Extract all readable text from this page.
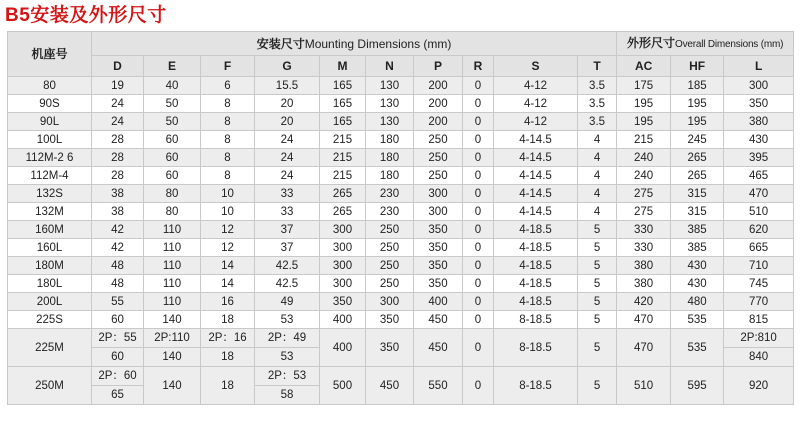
B5安装及外形尺寸
机座号	安装尺寸Mounting Dimensions (mm)										外形尺寸Overall Dimensions (mm)		
	D	E	F	G	M	N	P	R	S	T	AC	HF	L
80	19	40	6	15.5	165	130	200	0	4-12	3.5	175	185	300
90S	24	50	8	20	165	130	200	0	4-12	3.5	195	195	350
90L	24	50	8	20	165	130	200	0	4-12	3.5	195	195	380
100L	28	60	8	24	215	180	250	0	4-14.5	4	215	245	430
112M-2 6	28	60	8	24	215	180	250	0	4-14.5	4	240	265	395
112M-4	28	60	8	24	215	180	250	0	4-14.5	4	240	265	465
132S	38	80	10	33	265	230	300	0	4-14.5	4	275	315	470
132M	38	80	10	33	265	230	300	0	4-14.5	4	275	315	510
160M	42	110	12	37	300	250	350	0	4-18.5	5	330	385	620
160L	42	110	12	37	300	250	350	0	4-18.5	5	330	385	665
180M	48	110	14	42.5	300	250	350	0	4-18.5	5	380	430	710
180L	48	110	14	42.5	300	250	350	0	4-18.5	5	380	430	745
200L	55	110	16	49	350	300	400	0	4-18.5	5	420	480	770
225S	60	140	18	53	400	350	450	0	8-18.5	5	470	535	815
225M	2P：55	2P:110	2P：16	2P：49	400	350	450	0	8-18.5	5	470	535	2P:810
	60	140	18	53									840
250M	2P：60	140	18	2P：53	500	450	550	0	8-18.5	5	510	595	920
	65			58									
